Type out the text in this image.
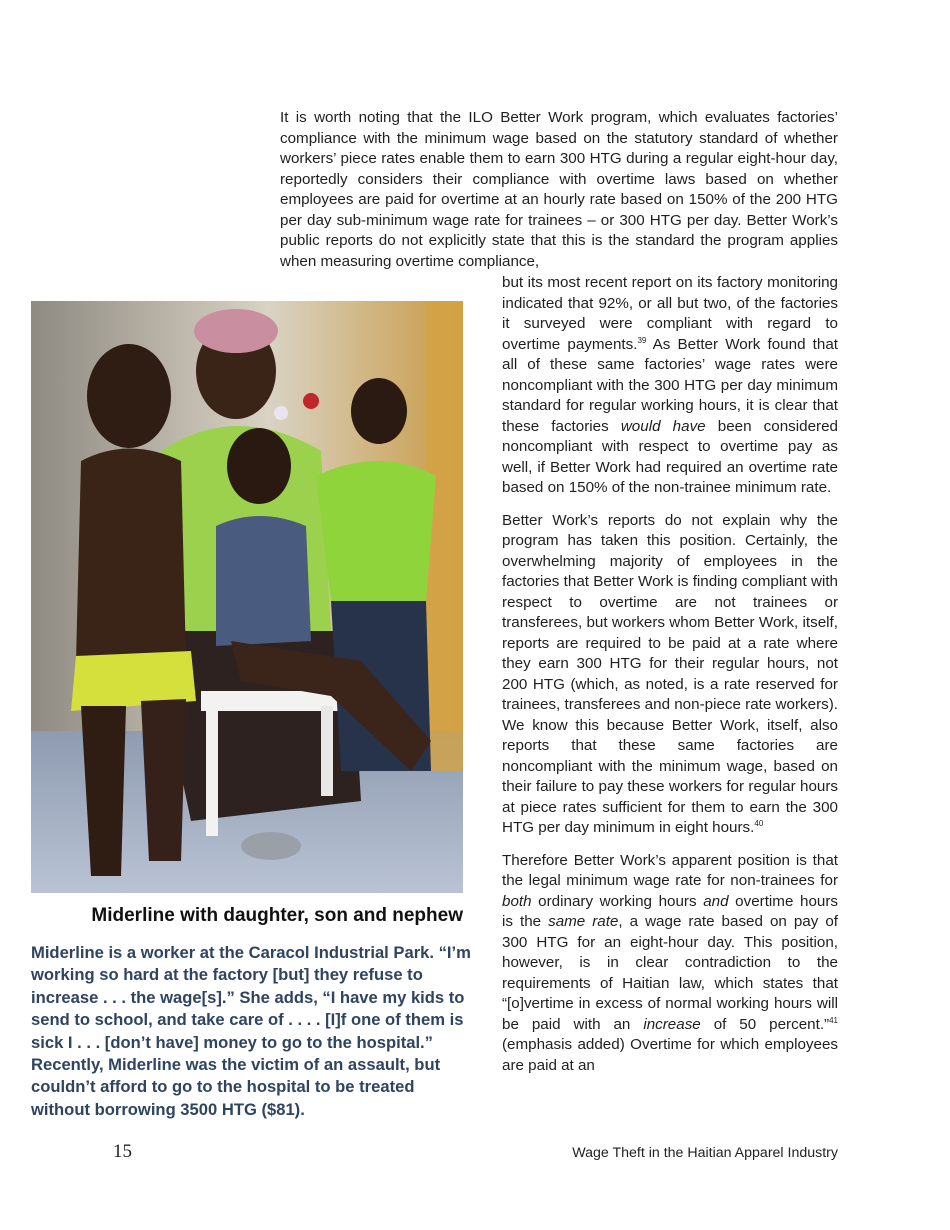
It is worth noting that the ILO Better Work program, which evaluates factories’ compliance with the minimum wage based on the statutory standard of whether workers’ piece rates enable them to earn 300 HTG during a regular eight-hour day, reportedly considers their compliance with overtime laws based on whether employees are paid for overtime at an hourly rate based on 150% of the 200 HTG per day sub-minimum wage rate for trainees – or 300 HTG per day. Better Work’s public reports do not explicitly state that this is the standard the program applies when measuring overtime compliance,

but its most recent report on its factory monitoring indicated that 92%, or all but two, of the factories it surveyed were compliant with regard to overtime payments.$^{39}$ As Better Work found that all of these same factories’ wage rates were noncompliant with the 300 HTG per day minimum standard for regular working hours, it is clear that these factories would have been considered noncompliant with respect to overtime pay as well, if Better Work had required an overtime rate based on 150% of the non-trainee minimum rate.

Better Work’s reports do not explain why the program has taken this position. Certainly, the overwhelming majority of employees in the factories that Better Work is finding compliant with respect to overtime are not trainees or transferees, but workers whom Better Work, itself, reports are required to be paid at a rate where they earn 300 HTG for their regular hours, not 200 HTG (which, as noted, is a rate reserved for trainees, transferees and non-piece rate workers). We know this because Better Work, itself, also reports that these same factories are noncompliant with the minimum wage, based on their failure to pay these workers for regular hours at piece rates sufficient for them to earn the 300 HTG per day minimum in eight hours.$^{40}$

Therefore Better Work’s apparent position is that the legal minimum wage rate for non-trainees for both ordinary working hours and overtime hours is the same rate, a wage rate based on pay of 300 HTG for an eight-hour day. This position, however, is in clear contradiction to the requirements of Haitian law, which states that “[o]vertime in excess of normal working hours will be paid with an increase of 50 percent.”$^{41}$ (emphasis added) Overtime for which employees are paid at an

Miderline with daughter, son and nephew

Miderline is a worker at the Caracol Industrial Park. “I’m working so hard at the factory [but] they refuse to increase . . . the wage[s].” She adds, “I have my kids to send to school, and take care of . . . . [I]f one of them is sick I . . . [don’t have] money to go to the hospital.” Recently, Miderline was the victim of an assault, but couldn’t afford to go to the hospital to be treated without borrowing 3500 HTG ($81).

15	Wage Theft in the Haitian Apparel Industry
